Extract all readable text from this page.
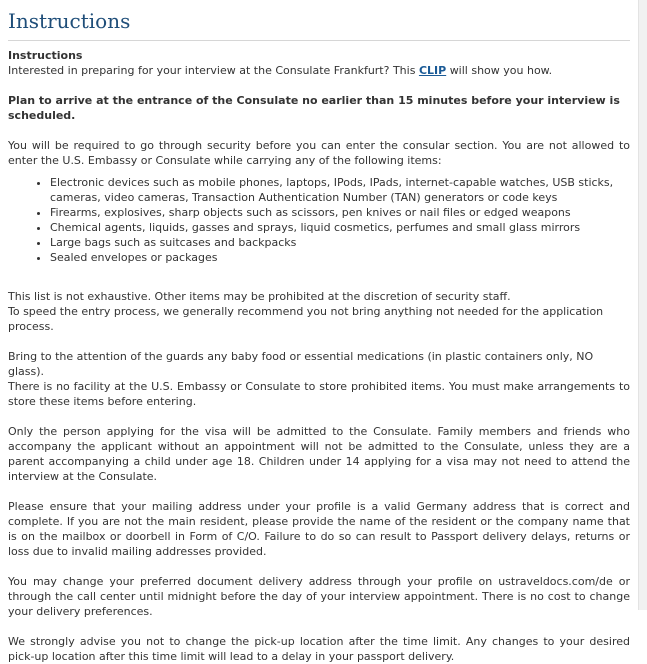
Instructions

Instructions

Interested in preparing for your interview at the Consulate Frankfurt? This CLIP will show you how.

Plan to arrive at the entrance of the Consulate no earlier than 15 minutes before your interview is scheduled.

You will be required to go through security before you can enter the consular section. You are not allowed to enter the U.S. Embassy or Consulate while carrying any of the following items:

• Electronic devices such as mobile phones, laptops, IPods, IPads, internet-capable watches, USB sticks, cameras, video cameras, Transaction Authentication Number (TAN) generators or code keys
• Firearms, explosives, sharp objects such as scissors, pen knives or nail files or edged weapons
• Chemical agents, liquids, gasses and sprays, liquid cosmetics, perfumes and small glass mirrors
• Large bags such as suitcases and backpacks
• Sealed envelopes or packages

This list is not exhaustive. Other items may be prohibited at the discretion of security staff.

To speed the entry process, we generally recommend you not bring anything not needed for the application process.

Bring to the attention of the guards any baby food or essential medications (in plastic containers only, NO glass).

There is no facility at the U.S. Embassy or Consulate to store prohibited items. You must make arrangements to store these items before entering.

Only the person applying for the visa will be admitted to the Consulate. Family members and friends who accompany the applicant without an appointment will not be admitted to the Consulate, unless they are a parent accompanying a child under age 18. Children under 14 applying for a visa may not need to attend the interview at the Consulate.

Please ensure that your mailing address under your profile is a valid Germany address that is correct and complete. If you are not the main resident, please provide the name of the resident or the company name that is on the mailbox or doorbell in Form of C/O. Failure to do so can result to Passport delivery delays, returns or loss due to invalid mailing addresses provided.

You may change your preferred document delivery address through your profile on ustraveldocs.com/de or through the call center until midnight before the day of your interview appointment. There is no cost to change your delivery preferences.

We strongly advise you not to change the pick-up location after the time limit. Any changes to your desired pick-up location after this time limit will lead to a delay in your passport delivery.
